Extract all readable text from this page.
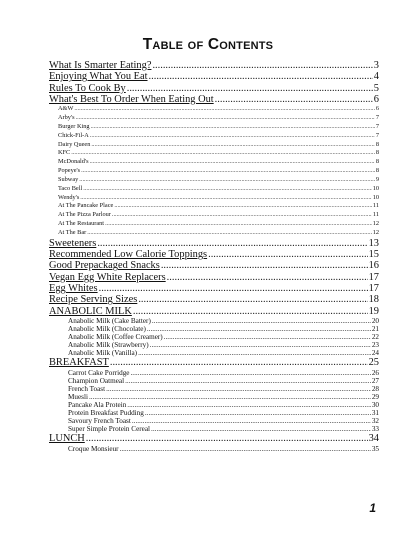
Table of Contents
What Is Smarter Eating? .....	3
Enjoying What You Eat .....	4
Rules To Cook By .....	5
What's Best To Order When Eating Out .....	6
A&W .....	6
Arby's .....	7
Burger King .....	7
Chick-Fil-A .....	7
Dairy Queen .....	8
KFC .....	8
McDonald's .....	8
Popeye's .....	8
Subway .....	9
Taco Bell .....	10
Wendy's .....	10
At The Pancake Place .....	11
At The Pizza Parlour .....	11
At The Restaurant .....	12
At The Bar .....	12
Sweeteners .....	13
Recommended Low Calorie Toppings .....	15
Good Prepackaged Snacks .....	16
Vegan Egg White Replacers .....	17
Egg Whites .....	17
Recipe Serving Sizes .....	18
ANABOLIC MILK .....	19
Anabolic Milk (Cake Batter) .....	20
Anabolic Milk (Chocolate) .....	21
Anabolic Milk (Coffee Creamer) .....	22
Anabolic Milk (Strawberry) .....	23
Anabolic Milk (Vanilla) .....	24
BREAKFAST .....	25
Carrot Cake Porridge .....	26
Champion Oatmeal .....	27
French Toast .....	28
Muesli .....	29
Pancake Ala Protein .....	30
Protein Breakfast Pudding .....	31
Savoury French Toast .....	32
Super Simple Protein Cereal .....	33
LUNCH .....	34
Croque Monsieur .....	35
1
